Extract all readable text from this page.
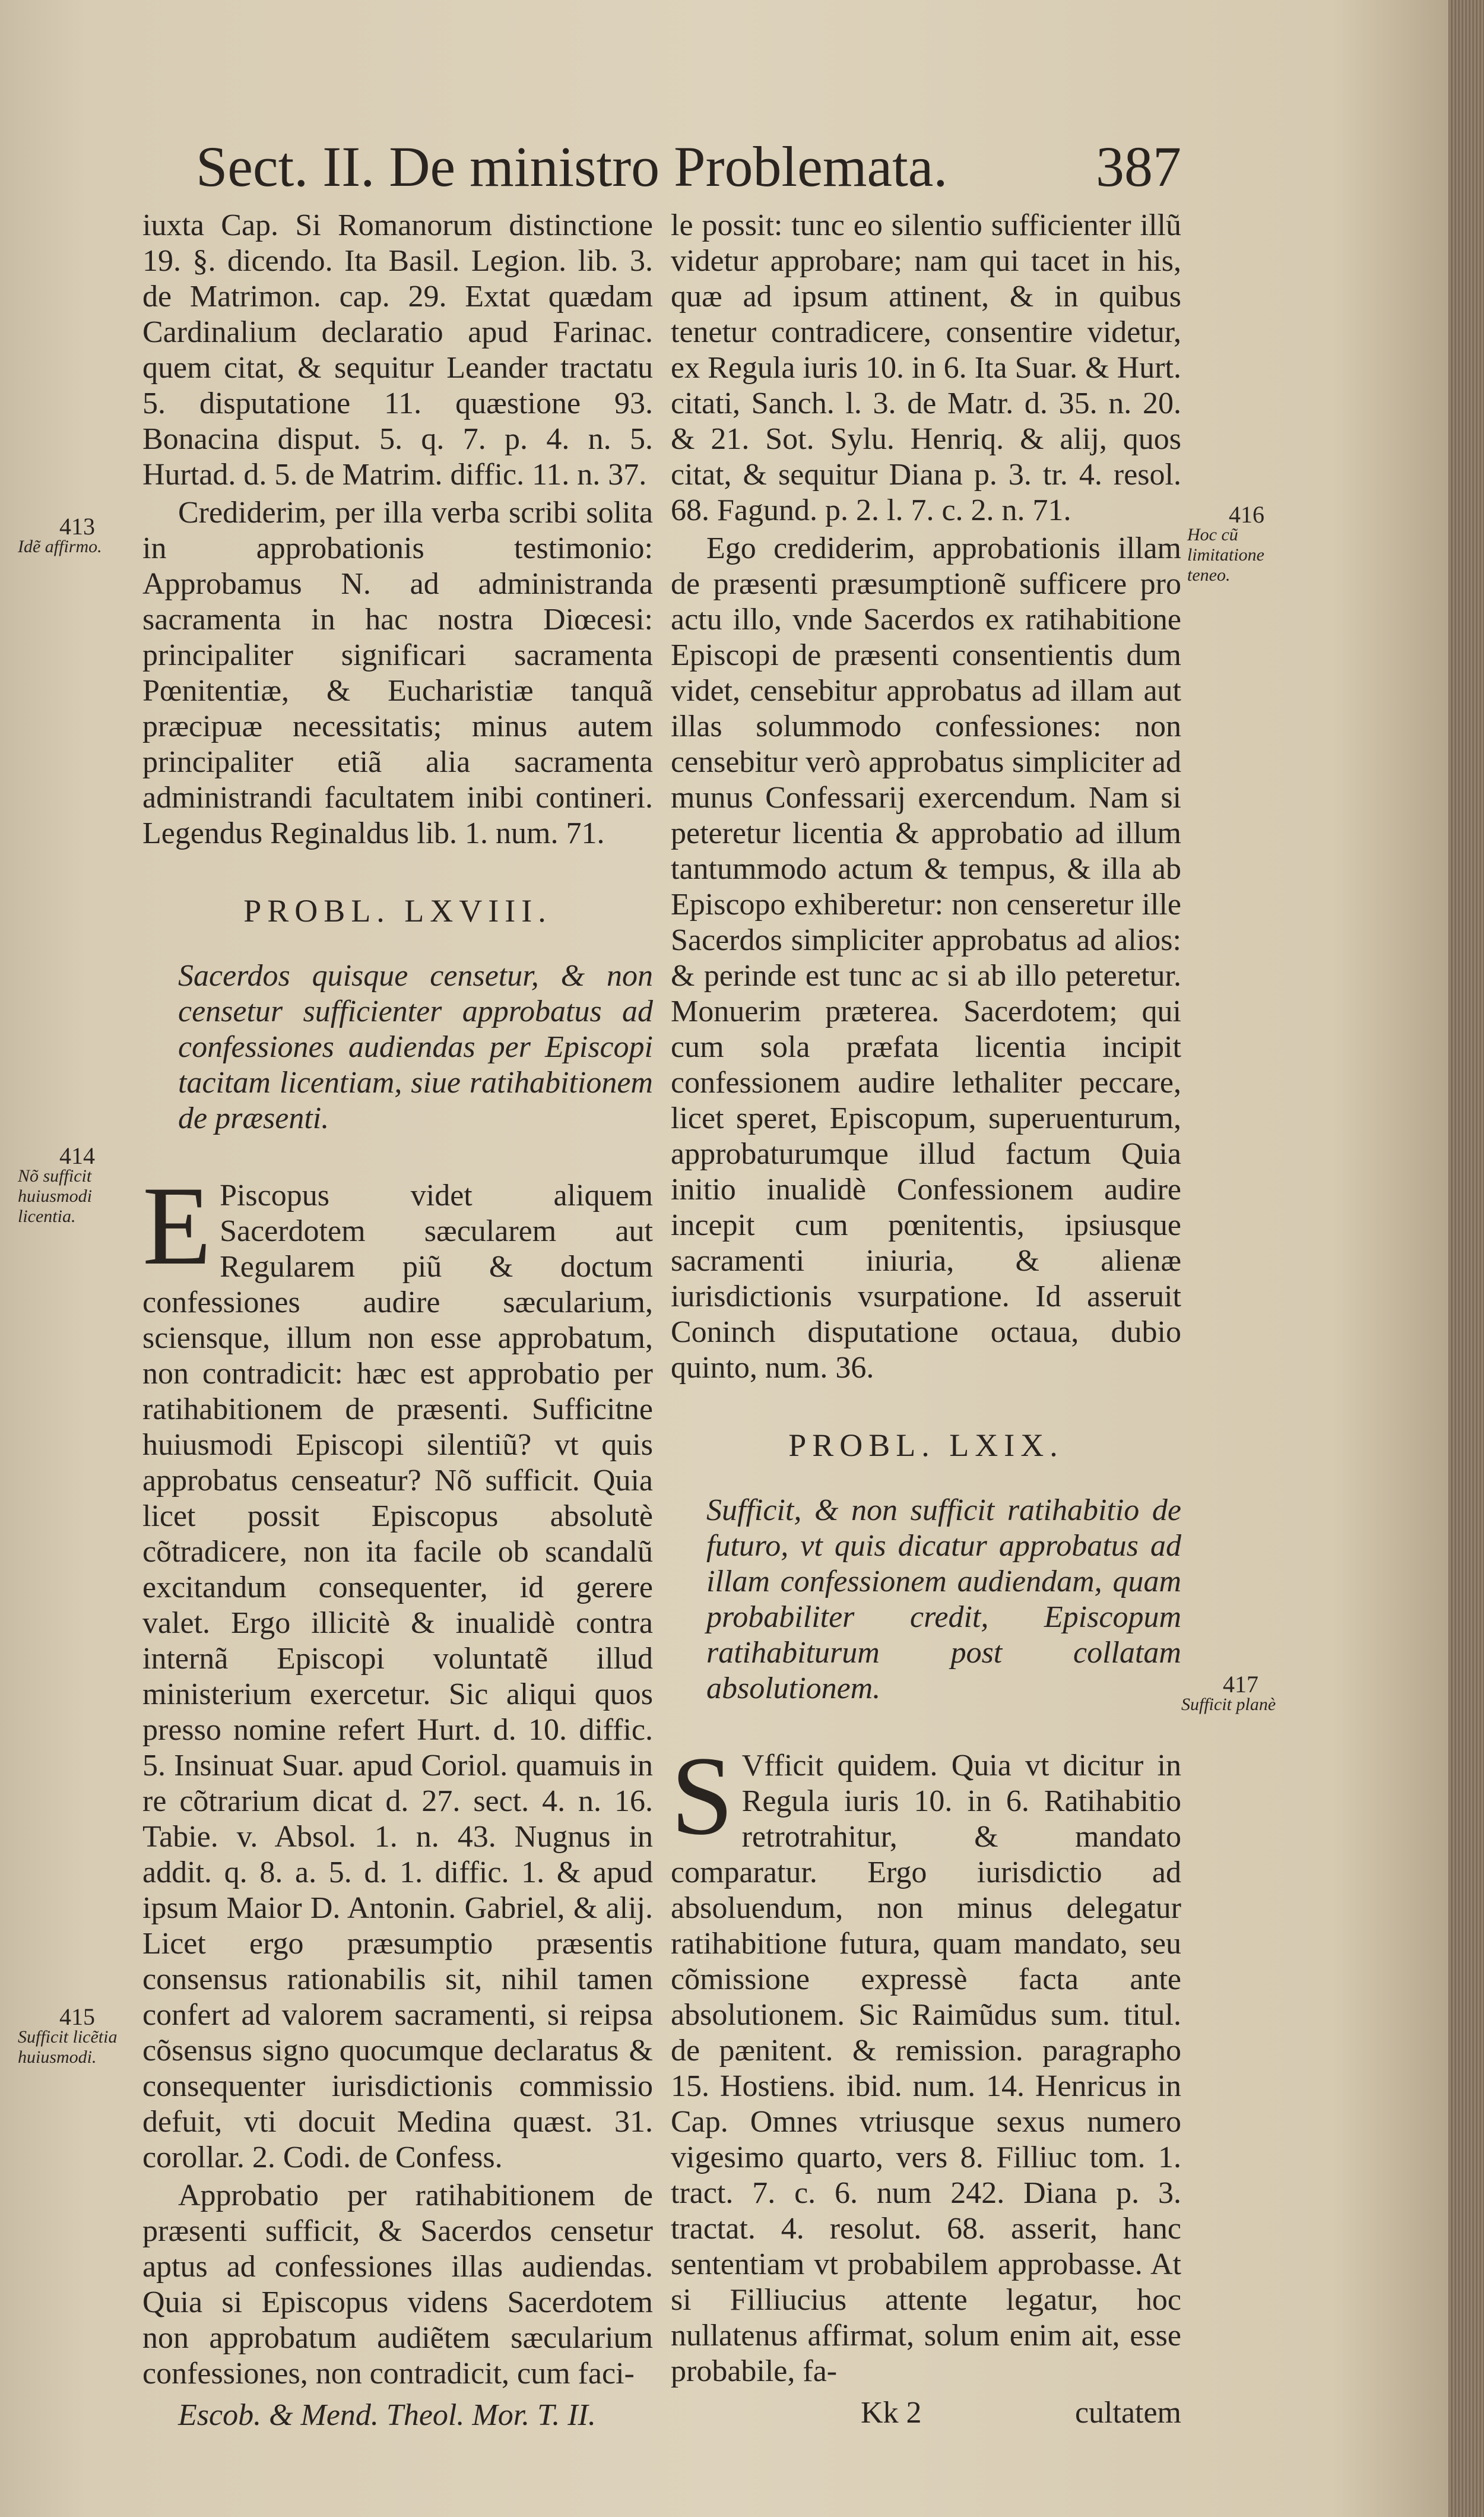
Sect. II. De ministro Problemata.	387

iuxta Cap. Si Romanorum distinctione 19. §. dicendo. Ita Basil. Legion. lib. 3. de Matrimon. cap. 29. Extat quædam Cardinalium declaratio apud Farinac. quem citat, & sequitur Leander tractatu 5. disputatione 11. quæstione 93. Bonacina disput. 5. q. 7. p. 4. n. 5. Hurtad. d. 5. de Matrim. diffic. 11. n. 37.

Crediderim, per illa verba scribi solita in approbationis testimonio: Approbamus N. ad administranda sacramenta in hac nostra Diœcesi: principaliter significari sacramenta Pœnitentiæ, & Eucharistiæ tanquã præcipuæ necessitatis; minus autem principaliter etiã alia sacramenta administrandi facultatem inibi contineri. Legendus Reginaldus lib. 1. num. 71.

PROBL. LXVIII.
Sacerdos quisque censetur, & non censetur sufficienter approbatus ad confessiones audiendas per Episcopi tacitam licentiam, siue ratihabitionem de præsenti.

E Piscopus videt aliquem Sacerdotem sæcularem aut Regularem piũ & doctum confessiones audire sæcularium, sciensque, illum non esse approbatum, non contradicit: hæc est approbatio per ratihabitionem de præsenti. Sufficitne huiusmodi Episcopi silentiũ? vt quis approbatus censeatur? Nõ sufficit. Quia licet possit Episcopus absolutè cõtradicere, non ita facile ob scandalũ excitandum consequenter, id gerere valet. Ergo illicitè & inualidè contra internã Episcopi voluntatẽ illud ministerium exercetur. Sic aliqui quos presso nomine refert Hurt. d. 10. diffic. 5. Insinuat Suar. apud Coriol. quamuis in re cõtrarium dicat d. 27. sect. 4. n. 16. Tabie. v. Absol. 1. n. 43. Nugnus in addit. q. 8. a. 5. d. 1. diffic. 1. & apud ipsum Maior D. Antonin. Gabriel, & alij. Licet ergo præsumptio præsentis consensus rationabilis sit, nihil tamen confert ad valorem sacramenti, si reipsa cõsensus signo quocumque declaratus & consequenter iurisdictionis commissio defuit, vti docuit Medina quæst. 31. corollar. 2. Codi. de Confess.

Approbatio per ratihabitionem de præsenti sufficit, & Sacerdos censetur aptus ad confessiones illas audiendas. Quia si Episcopus videns Sacerdotem non approbatum audiẽtem sæcularium confessiones, non contradicit, cum faci-

Escob. & Mend. Theol. Mor. T. II.

le possit: tunc eo silentio sufficienter illũ videtur approbare; nam qui tacet in his, quæ ad ipsum attinent, & in quibus tenetur contradicere, consentire videtur, ex Regula iuris 10. in 6. Ita Suar. & Hurt. citati, Sanch. l. 3. de Matr. d. 35. n. 20. & 21. Sot. Sylu. Henriq. & alij, quos citat, & sequitur Diana p. 3. tr. 4. resol. 68. Fagund. p. 2. l. 7. c. 2. n. 71.

Ego crediderim, approbationis illam de præsenti præsumptionẽ sufficere pro actu illo, vnde Sacerdos ex ratihabitione Episcopi de præsenti consentientis dum videt, censebitur approbatus ad illam aut illas solummodo confessiones: non censebitur verò approbatus simpliciter ad munus Confessarij exercendum. Nam si peteretur licentia & approbatio ad illum tantummodo actum & tempus, & illa ab Episcopo exhiberetur: non censeretur ille Sacerdos simpliciter approbatus ad alios: & perinde est tunc ac si ab illo peteretur. Monuerim præterea. Sacerdotem; qui cum sola præfata licentia incipit confessionem audire lethaliter peccare, licet speret, Episcopum, superuenturum, approbaturumque illud factum Quia initio inualidè Confessionem audire incepit cum pœnitentis, ipsiusque sacramenti iniuria, & alienæ iurisdictionis vsurpatione. Id asseruit Coninch disputatione octaua, dubio quinto, num. 36.

PROBL. LXIX.
Sufficit, & non sufficit ratihabitio de futuro, vt quis dicatur approbatus ad illam confessionem audiendam, quam probabiliter credit, Episcopum ratihabiturum post collatam absolutionem.

S Vfficit quidem. Quia vt dicitur in Regula iuris 10. in 6. Ratihabitio retrotrahitur, & mandato comparatur. Ergo iurisdictio ad absoluendum, non minus delegatur ratihabitione futura, quam mandato, seu cõmissione expressè facta ante absolutionem. Sic Raimũdus sum. titul. de pænitent. & remission. paragrapho 15. Hostiens. ibid. num. 14. Henricus in Cap. Omnes vtriusque sexus numero vigesimo quarto, vers 8. Filliuc tom. 1. tract. 7. c. 6. num 242. Diana p. 3. tractat. 4. resolut. 68. asserit, hanc sententiam vt probabilem approbasse. At si Filliucius attente legatur, hoc nullatenus affirmat, solum enim ait, esse probabile, fa-

Kk 2	cultatem
413
Idẽ affirmo.
414
Nõ sufficit huiusmodi licentia.
415
Sufficit licẽtia huiusmodi.
416
Hoc cũ limitatione teneo.
417
Sufficit planè
